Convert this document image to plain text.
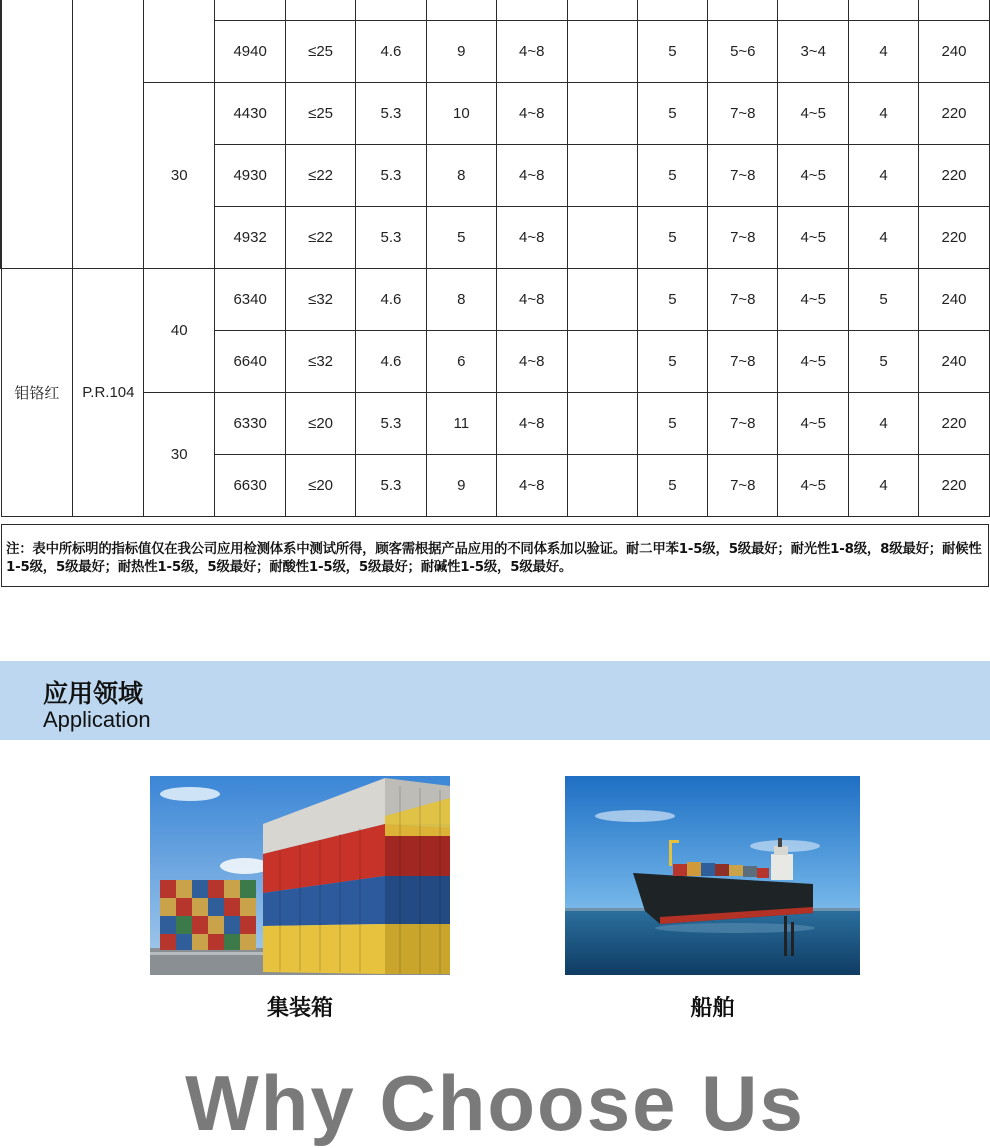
			4940	≤25	4.6	9	4~8		5	5~6	3~4	4	240
		30	4430	≤25	5.3	10	4~8		5	7~8	4~5	4	220
			4930	≤22	5.3	8	4~8		5	7~8	4~5	4	220
			4932	≤22	5.3	5	4~8		5	7~8	4~5	4	220
钼铬红	P.R.104	40	6340	≤32	4.6	8	4~8		5	7~8	4~5	5	240
			6640	≤32	4.6	6	4~8		5	7~8	4~5	5	240
		30	6330	≤20	5.3	11	4~8		5	7~8	4~5	4	220
			6630	≤20	5.3	9	4~8		5	7~8	4~5	4	220
注：表中所标明的指标值仅在我公司应用检测体系中测试所得，顾客需根据产品应用的不同体系加以验证。耐二甲苯1-5级，5级最好；耐光性1-8级，8级最好；耐候性1-5级，5级最好；耐热性1-5级，5级最好；耐酸性1-5级，5级最好；耐碱性1-5级，5级最好。
应用领域
Application
集装箱	船舶
Why Choose Us
